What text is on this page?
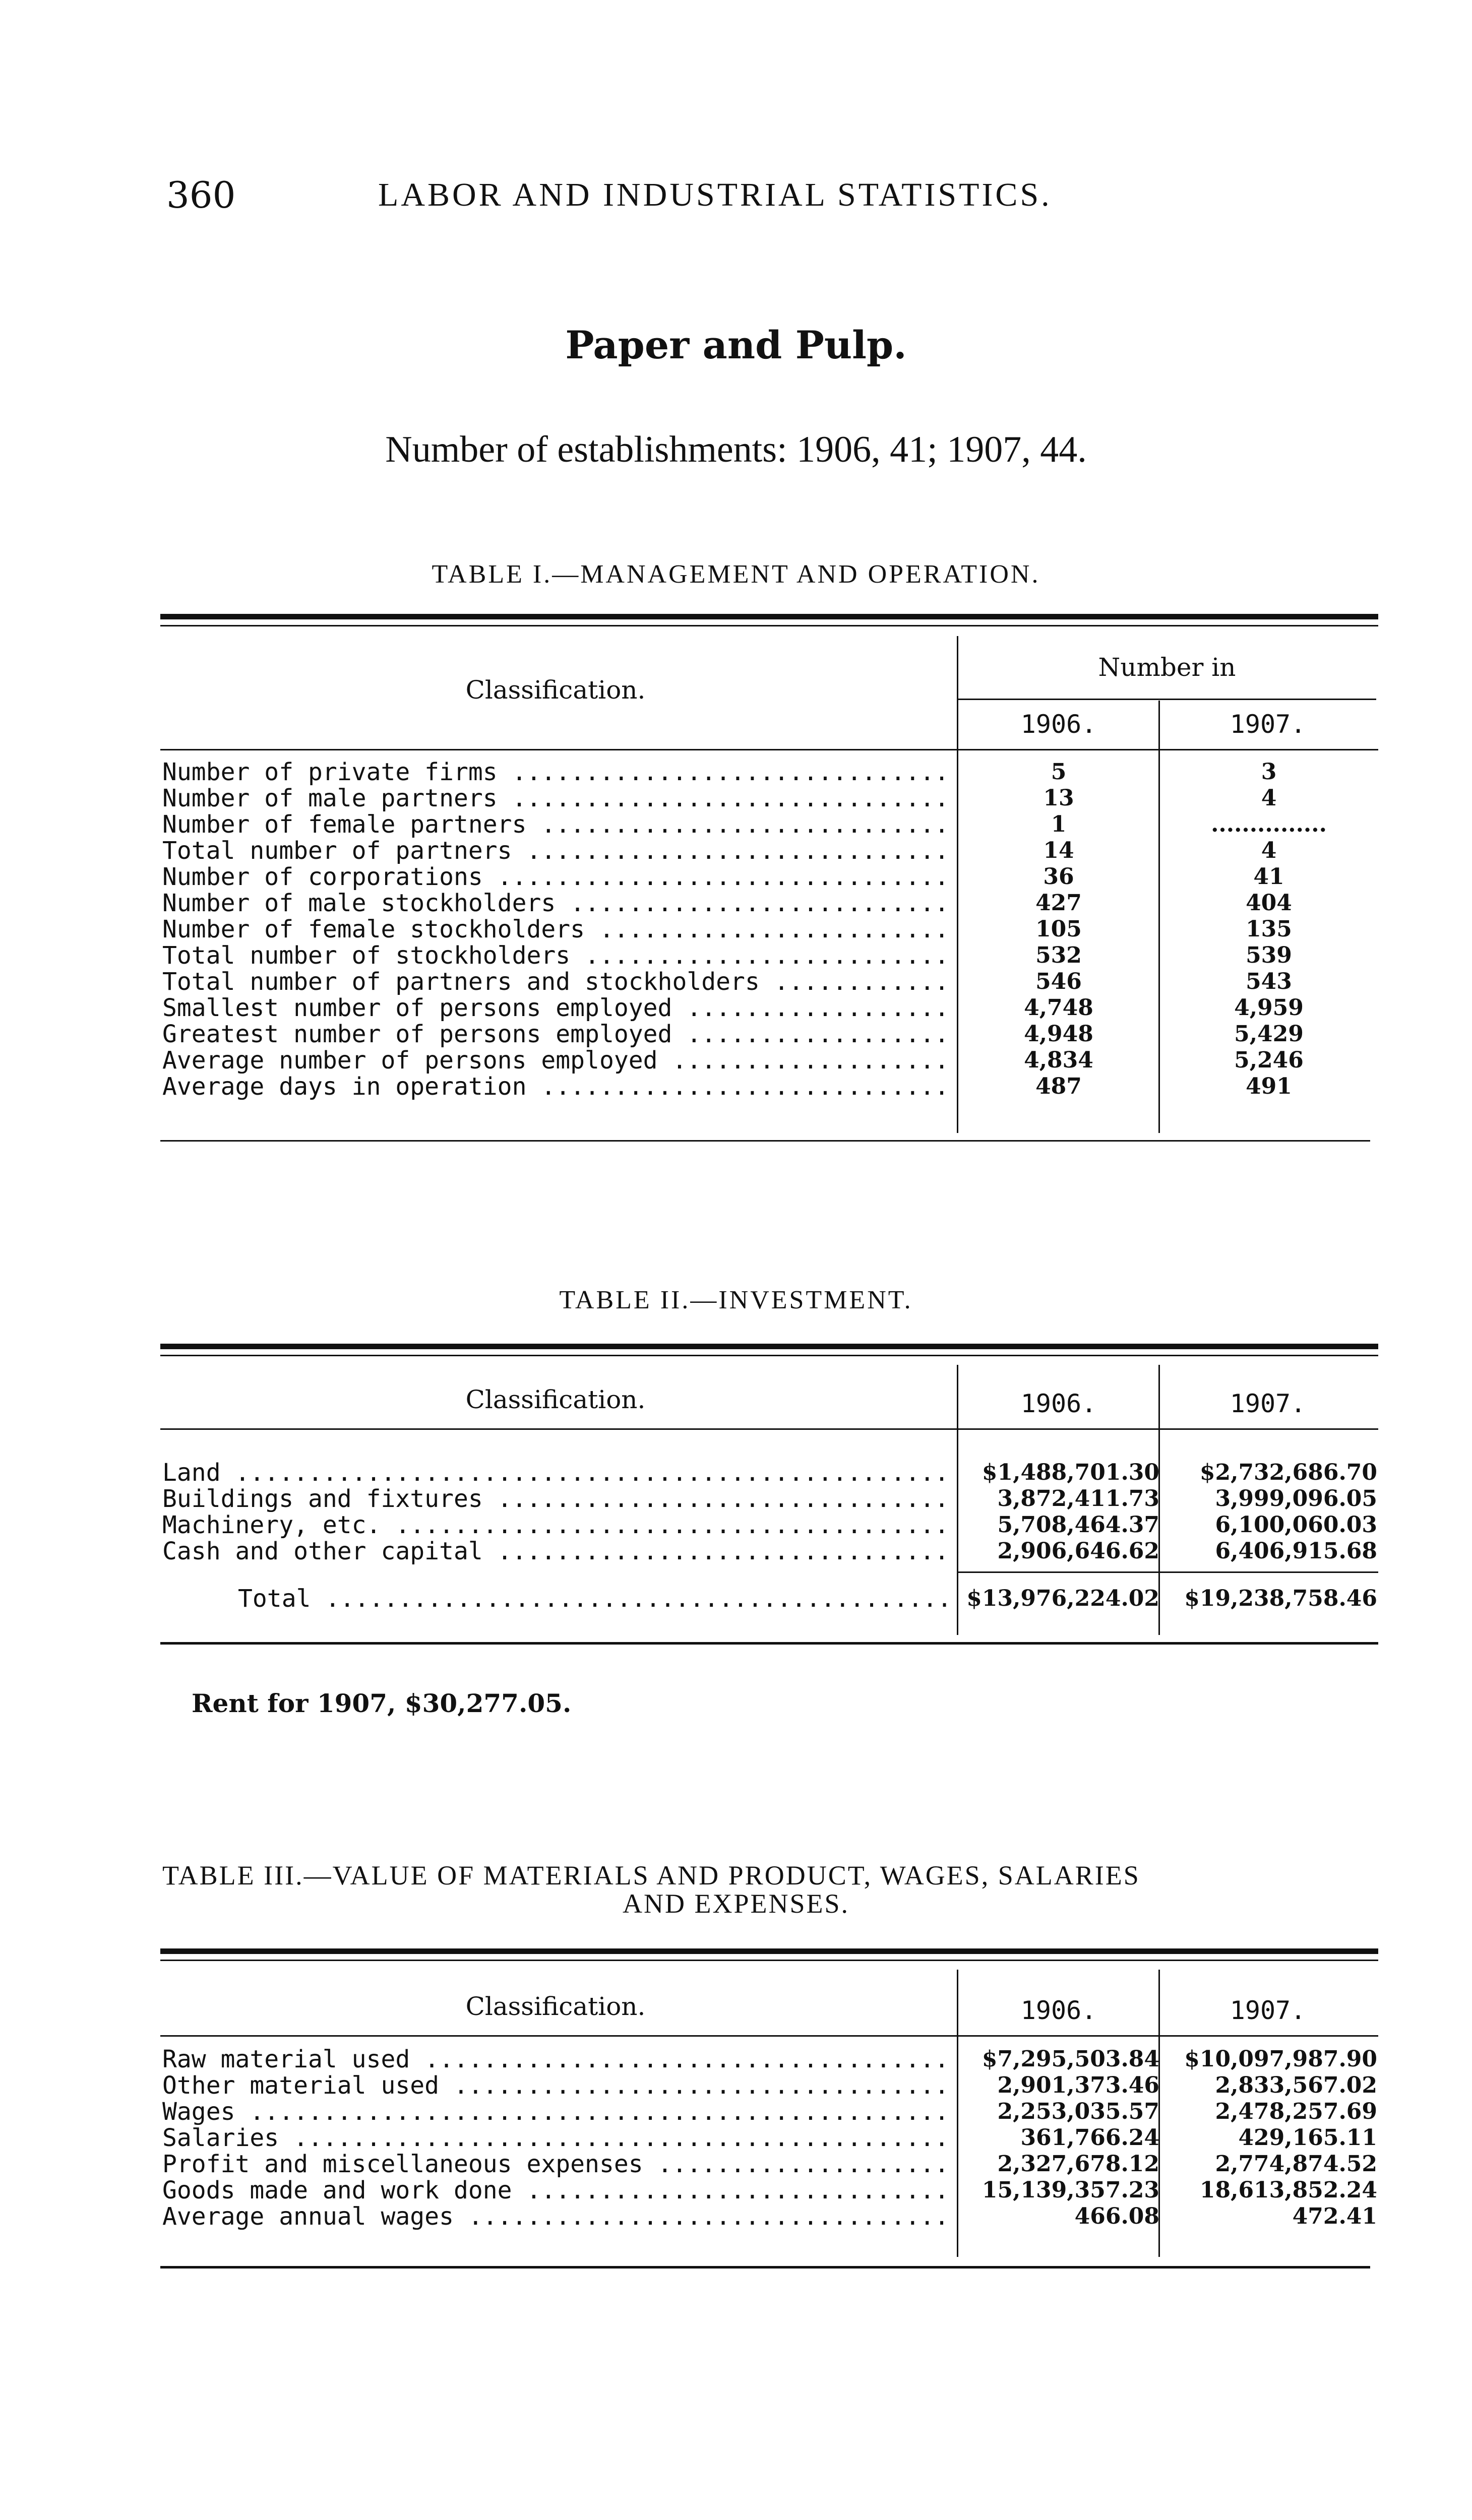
360	LABOR AND INDUSTRIAL STATISTICS.
Paper and Pulp.
Number of establishments: 1906, 41; 1907, 44.
TABLE I.—MANAGEMENT AND OPERATION.
Classification.
Number in
1906.	1907.
Number of private firms .....	5	3
Number of male partners .....	13	4
Number of female partners .....	1	...............
Total number of partners .....	14	4
Number of corporations .....	36	41
Number of male stockholders .....	427	404
Number of female stockholders .....	105	135
Total number of stockholders .....	532	539
Total number of partners and stockholders .....	546	543
Smallest number of persons employed .....	4,748	4,959
Greatest number of persons employed .....	4,948	5,429
Average number of persons employed .....	4,834	5,246
Average days in operation .....	487	491
TABLE II.—INVESTMENT.
Classification.	1906.	1907.
Land .....	$1,488,701.30	$2,732,686.70
Buildings and fixtures .....	3,872,411.73	3,999,096.05
Machinery, etc. .....	5,708,464.37	6,100,060.03
Cash and other capital .....	2,906,646.62	6,406,915.68
Total .....	$13,976,224.02	$19,238,758.46
Rent for 1907, $30,277.05.
TABLE III.—VALUE OF MATERIALS AND PRODUCT, WAGES, SALARIES
AND EXPENSES.
Classification.	1906.	1907.
Raw material used .....	$7,295,503.84	$10,097,987.90
Other material used .....	2,901,373.46	2,833,567.02
Wages .....	2,253,035.57	2,478,257.69
Salaries .....	361,766.24	429,165.11
Profit and miscellaneous expenses .....	2,327,678.12	2,774,874.52
Goods made and work done .....	15,139,357.23	18,613,852.24
Average annual wages .....	466.08	472.41
